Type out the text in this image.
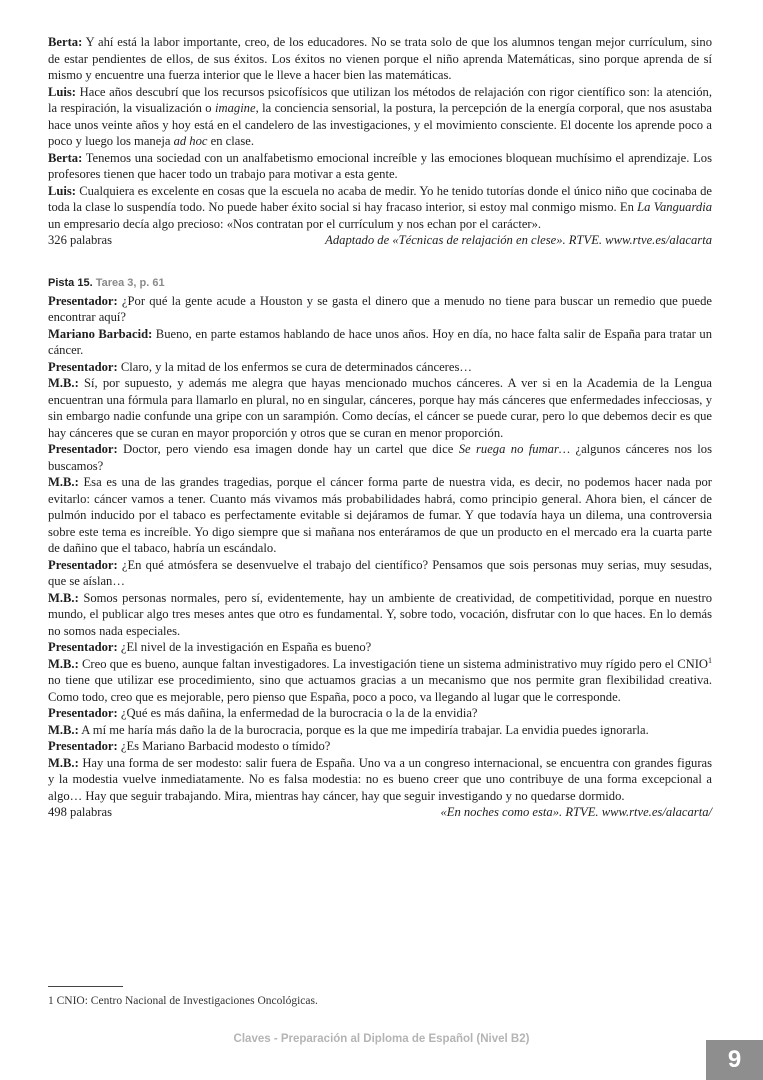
Berta: Y ahí está la labor importante, creo, de los educadores. No se trata solo de que los alumnos tengan mejor currículum, sino de estar pendientes de ellos, de sus éxitos. Los éxitos no vienen porque el niño aprenda Matemáticas, sino porque aprenda de sí mismo y encuentre una fuerza interior que le lleve a hacer bien las matemáticas.

Luis: Hace años descubrí que los recursos psicofísicos que utilizan los métodos de relajación con rigor científico son: la atención, la respiración, la visualización o imagine, la conciencia sensorial, la postura, la percepción de la energía corporal, que nos asustaba hace unos veinte años y hoy está en el candelero de las investigaciones, y el movimiento consciente. El docente los aprende poco a poco y luego los maneja ad hoc en clase.

Berta: Tenemos una sociedad con un analfabetismo emocional increíble y las emociones bloquean muchísimo el aprendizaje. Los profesores tienen que hacer todo un trabajo para motivar a esta gente.

Luis: Cualquiera es excelente en cosas que la escuela no acaba de medir. Yo he tenido tutorías donde el único niño que cocinaba de toda la clase lo suspendía todo. No puede haber éxito social si hay fracaso interior, si estoy mal conmigo mismo. En La Vanguardia un empresario decía algo precioso: «Nos contratan por el currículum y nos echan por el carácter».

326 palabras	Adaptado de «Técnicas de relajación en clese». RTVE. www.rtve.es/alacarta
Pista 15. Tarea 3, p. 61

Presentador: ¿Por qué la gente acude a Houston y se gasta el dinero que a menudo no tiene para buscar un remedio que puede encontrar aquí?

Mariano Barbacid: Bueno, en parte estamos hablando de hace unos años. Hoy en día, no hace falta salir de España para tratar un cáncer.

Presentador: Claro, y la mitad de los enfermos se cura de determinados cánceres…

M.B.: Sí, por supuesto, y además me alegra que hayas mencionado muchos cánceres. A ver si en la Academia de la Lengua encuentran una fórmula para llamarlo en plural, no en singular, cánceres, porque hay más cánceres que enfermedades infecciosas, y sin embargo nadie confunde una gripe con un sarampión. Como decías, el cáncer se puede curar, pero lo que debemos decir es que hay cánceres que se curan en mayor proporción y otros que se curan en menor proporción.

Presentador: Doctor, pero viendo esa imagen donde hay un cartel que dice Se ruega no fumar… ¿algunos cánceres nos los buscamos?

M.B.: Esa es una de las grandes tragedias, porque el cáncer forma parte de nuestra vida, es decir, no podemos hacer nada por evitarlo: cáncer vamos a tener. Cuanto más vivamos más probabilidades habrá, como principio general. Ahora bien, el cáncer de pulmón inducido por el tabaco es perfectamente evitable si dejáramos de fumar. Y que todavía haya un dilema, una controversia sobre este tema es increíble. Yo digo siempre que si mañana nos enteráramos de que un producto en el mercado era la cuarta parte de dañino que el tabaco, habría un escándalo.

Presentador: ¿En qué atmósfera se desenvuelve el trabajo del científico? Pensamos que sois personas muy serias, muy sesudas, que se aíslan…

M.B.: Somos personas normales, pero sí, evidentemente, hay un ambiente de creatividad, de competitividad, porque en nuestro mundo, el publicar algo tres meses antes que otro es fundamental. Y, sobre todo, vocación, disfrutar con lo que haces. En lo demás no somos nada especiales.

Presentador: ¿El nivel de la investigación en España es bueno?

M.B.: Creo que es bueno, aunque faltan investigadores. La investigación tiene un sistema administrativo muy rígido pero el CNIO$^1$ no tiene que utilizar ese procedimiento, sino que actuamos gracias a un mecanismo que nos permite gran flexibilidad creativa. Como todo, creo que es mejorable, pero pienso que España, poco a poco, va llegando al lugar que le corresponde.

Presentador: ¿Qué es más dañina, la enfermedad de la burocracia o la de la envidia?

M.B.: A mí me haría más daño la de la burocracia, porque es la que me impediría trabajar. La envidia puedes ignorarla.

Presentador: ¿Es Mariano Barbacid modesto o tímido?

M.B.: Hay una forma de ser modesto: salir fuera de España. Uno va a un congreso internacional, se encuentra con grandes figuras y la modestia vuelve inmediatamente. No es falsa modestia: no es bueno creer que uno contribuye de una forma excepcional a algo… Hay que seguir trabajando. Mira, mientras hay cáncer, hay que seguir investigando y no quedarse dormido.

498 palabras	«En noches como esta». RTVE. www.rtve.es/alacarta/
1 CNIO: Centro Nacional de Investigaciones Oncológicas.
Claves - Preparación al Diploma de Español (Nivel B2)
9
